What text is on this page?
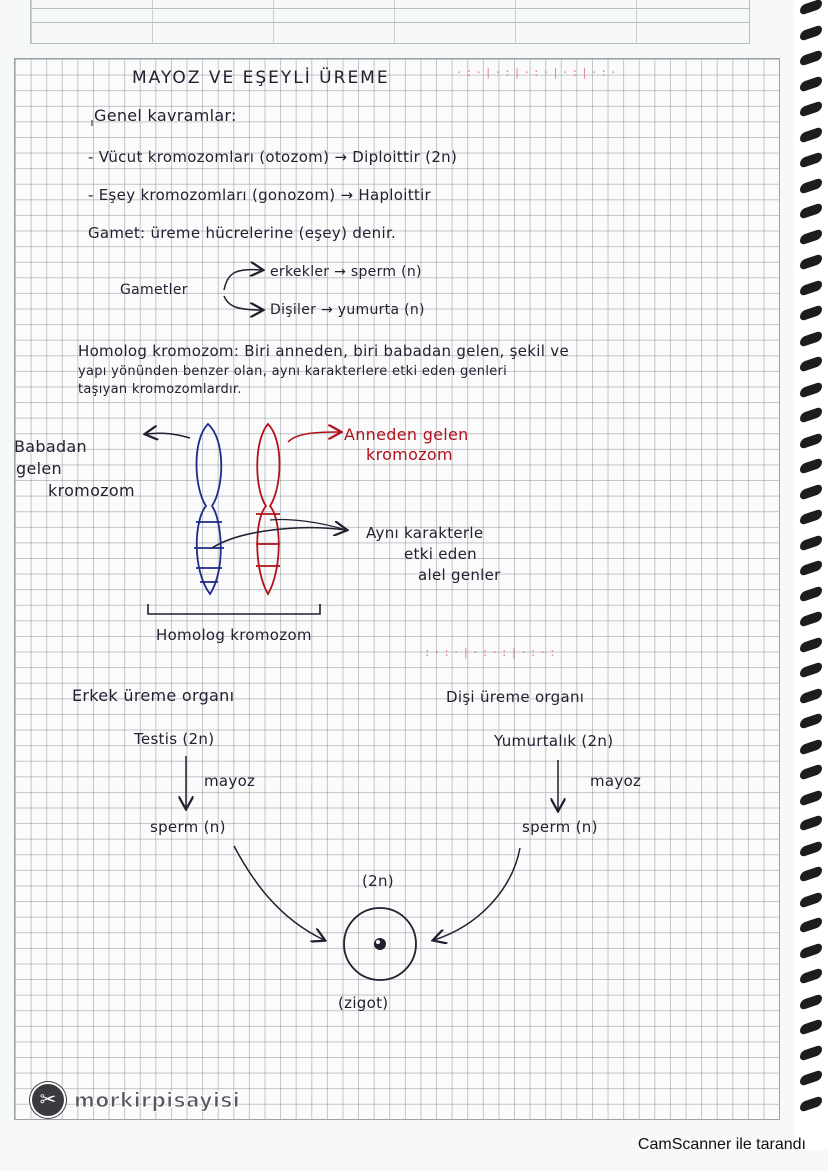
·:·|·:|·:·|·:|·:·
:·:·|·:·:|·:·:
MAYOZ VE EŞEYLİ ÜREME
Genel kavramlar:
- Vücut kromozomları (otozom) → Diploittir (2n)
- Eşey kromozomları (gonozom) → Haploittir
Gamet: üreme hücrelerine (eşey) denir.
Gametler
erkekler → sperm (n)
Dişiler → yumurta (n)
Homolog kromozom: Biri anneden, biri babadan gelen, şekil ve
yapı yönünden benzer olan, aynı karakterlere etki eden genleri
taşıyan kromozomlardır.
Babadan
gelen
kromozom
Anneden gelen
kromozom
Aynı karakterle
etki eden
alel genler
Homolog kromozom
Erkek üreme organı
Testis (2n)
mayoz
sperm (n)
Dişi üreme organı
Yumurtalık (2n)
mayoz
sperm (n)
(2n)
(zigot)
✂ morkirpisayisi
CamScanner ile tarandı
